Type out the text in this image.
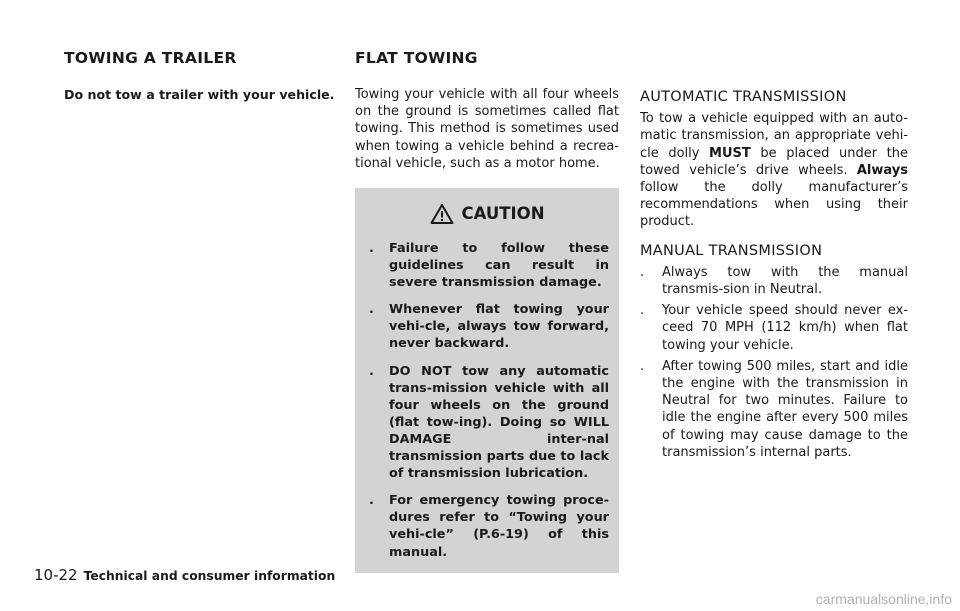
TOWING A TRAILER

Do not tow a trailer with your vehicle.

FLAT TOWING

Towing your vehicle with all four wheels on the ground is sometimes called flat towing. This method is sometimes used when towing a vehicle behind a recrea-tional vehicle, such as a motor home.

CAUTION
. Failure to follow these guidelines can result in severe transmission damage.
. Whenever flat towing your vehi-cle, always tow forward, never backward.
. DO NOT tow any automatic trans-mission vehicle with all four wheels on the ground (flat tow-ing). Doing so WILL DAMAGE inter-nal transmission parts due to lack of transmission lubrication.
. For emergency towing proce-dures refer to “Towing your vehi-cle” (P.6-19) of this manual.
AUTOMATIC TRANSMISSION

To tow a vehicle equipped with an auto-matic transmission, an appropriate vehi-cle dolly MUST be placed under the towed vehicle’s drive wheels. Always follow the dolly manufacturer’s recommendations when using their product.

MANUAL TRANSMISSION
. Always tow with the manual transmis-sion in Neutral.
. Your vehicle speed should never ex-ceed 70 MPH (112 km/h) when flat towing your vehicle.
. After towing 500 miles, start and idle the engine with the transmission in Neutral for two minutes. Failure to idle the engine after every 500 miles of towing may cause damage to the transmission’s internal parts.
10-22 Technical and consumer information
carmanualsonline.info
